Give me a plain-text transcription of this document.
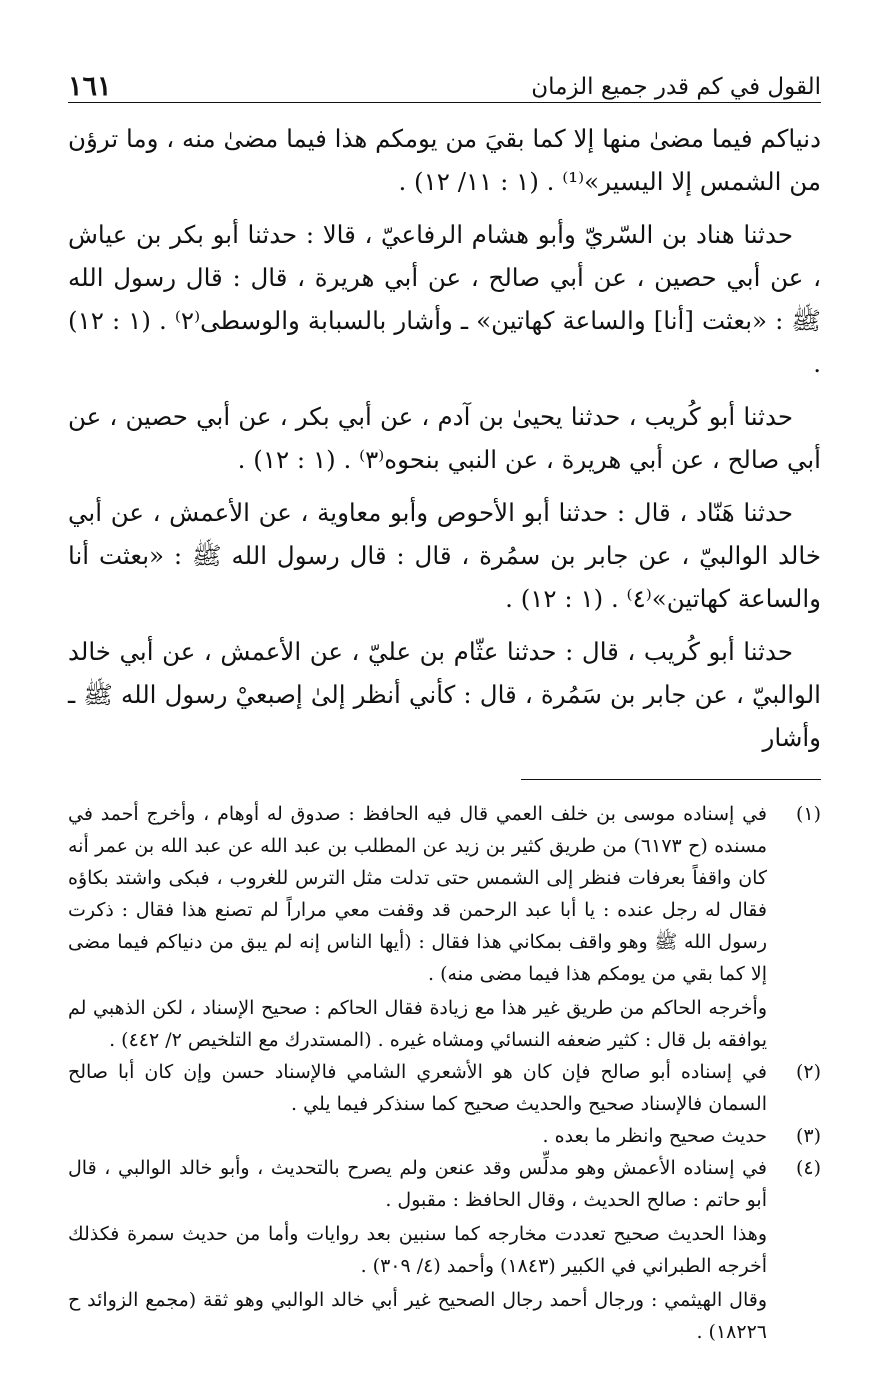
القول في كم قدر جميع الزمان
١٦١

دنياكم فيما مضىٰ منها إلا كما بقيَ من يومكم هذا فيما مضىٰ منه ، وما ترؤن من الشمس إلا اليسير»⁽¹⁾ . (١ : ١١/ ١٢) .

حدثنا هناد بن السّريّ وأبو هشام الرفاعيّ ، قالا : حدثنا أبو بكر بن عياش ، عن أبي حصين ، عن أبي صالح ، عن أبي هريرة ، قال : قال رسول الله ﷺ : «بعثت [أنا] والساعة كهاتين» ـ وأشار بالسبابة والوسطى⁽٢⁾ . (١ : ١٢) .

حدثنا أبو كُريب ، حدثنا يحيىٰ بن آدم ، عن أبي بكر ، عن أبي حصين ، عن أبي صالح ، عن أبي هريرة ، عن النبي بنحوه⁽٣⁾ . (١ : ١٢) .

حدثنا هَنّاد ، قال : حدثنا أبو الأحوص وأبو معاوية ، عن الأعمش ، عن أبي خالد الوالبيّ ، عن جابر بن سمُرة ، قال : قال رسول الله ﷺ : «بعثت أنا والساعة كهاتين»⁽٤⁾ . (١ : ١٢) .

حدثنا أبو كُريب ، قال : حدثنا عثّام بن عليّ ، عن الأعمش ، عن أبي خالد الوالبيّ ، عن جابر بن سَمُرة ، قال : كأني أنظر إلىٰ إصبعيْ رسول الله ﷺ ـ وأشار

(١)

في إسناده موسى بن خلف العمي قال فيه الحافظ : صدوق له أوهام ، وأخرج أحمد في مسنده (ح ٦١٧٣) من طريق كثير بن زيد عن المطلب بن عبد الله عن عبد الله بن عمر أنه كان واقفاً بعرفات فنظر إلى الشمس حتى تدلت مثل الترس للغروب ، فبكى واشتد بكاؤه فقال له رجل عنده : يا أبا عبد الرحمن قد وقفت معي مراراً لم تصنع هذا فقال : ذكرت رسول الله ﷺ وهو واقف بمكاني هذا فقال : (أيها الناس إنه لم يبق من دنياكم فيما مضى إلا كما بقي من يومكم هذا فيما مضى منه) .

وأخرجه الحاكم من طريق غير هذا مع زيادة فقال الحاكم : صحيح الإسناد ، لكن الذهبي لم يوافقه بل قال : كثير ضعفه النسائي ومشاه غيره . (المستدرك مع التلخيص ٢/ ٤٤٢) .

(٢)

في إسناده أبو صالح فإن كان هو الأشعري الشامي فالإسناد حسن وإن كان أبا صالح السمان فالإسناد صحيح والحديث صحيح كما سنذكر فيما يلي .

(٣)

حديث صحيح وانظر ما بعده .

(٤)

في إسناده الأعمش وهو مدلِّس وقد عنعن ولم يصرح بالتحديث ، وأبو خالد الوالبي ، قال أبو حاتم : صالح الحديث ، وقال الحافظ : مقبول .

وهذا الحديث صحيح تعددت مخارجه كما سنبين بعد روايات وأما من حديث سمرة فكذلك أخرجه الطبراني في الكبير (١٨٤٣) وأحمد (٤/ ٣٠٩) .

وقال الهيثمي : ورجال أحمد رجال الصحيح غير أبي خالد الوالبي وهو ثقة (مجمع الزوائد ح ١٨٢٢٦) .
